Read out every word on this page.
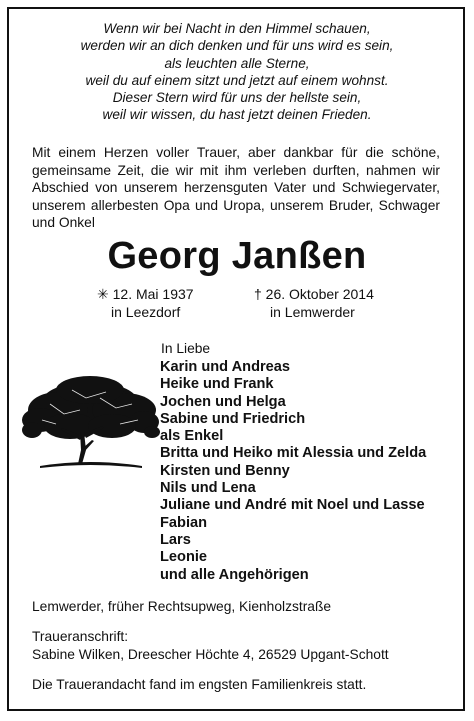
Wenn wir bei Nacht in den Himmel schauen,
werden wir an dich denken und für uns wird es sein,
als leuchten alle Sterne,
weil du auf einem sitzt und jetzt auf einem wohnst.
Dieser Stern wird für uns der hellste sein,
weil wir wissen, du hast jetzt deinen Frieden.
Mit einem Herzen voller Trauer, aber dankbar für die schöne,
gemeinsame Zeit, die wir mit ihm verleben durften, nahmen wir
Abschied von unserem herzensguten Vater und Schwiegervater,
unserem allerbesten Opa und Uropa, unserem Bruder, Schwager
und Onkel
Georg Janßen
✳ 12. Mai 1937
in Leezdorf
† 26. Oktober 2014
in Lemwerder
In Liebe
Karin und Andreas
Heike und Frank
Jochen und Helga
Sabine und Friedrich
als Enkel
Britta und Heiko mit Alessia und Zelda
Kirsten und Benny
Nils und Lena
Juliane und André mit Noel und Lasse
Fabian
Lars
Leonie
und alle Angehörigen
Lemwerder, früher Rechtsupweg, Kienholzstraße
Traueranschrift:
Sabine Wilken, Dreescher Höchte 4, 26529 Upgant-Schott
Die Trauerandacht fand im engsten Familienkreis statt.
